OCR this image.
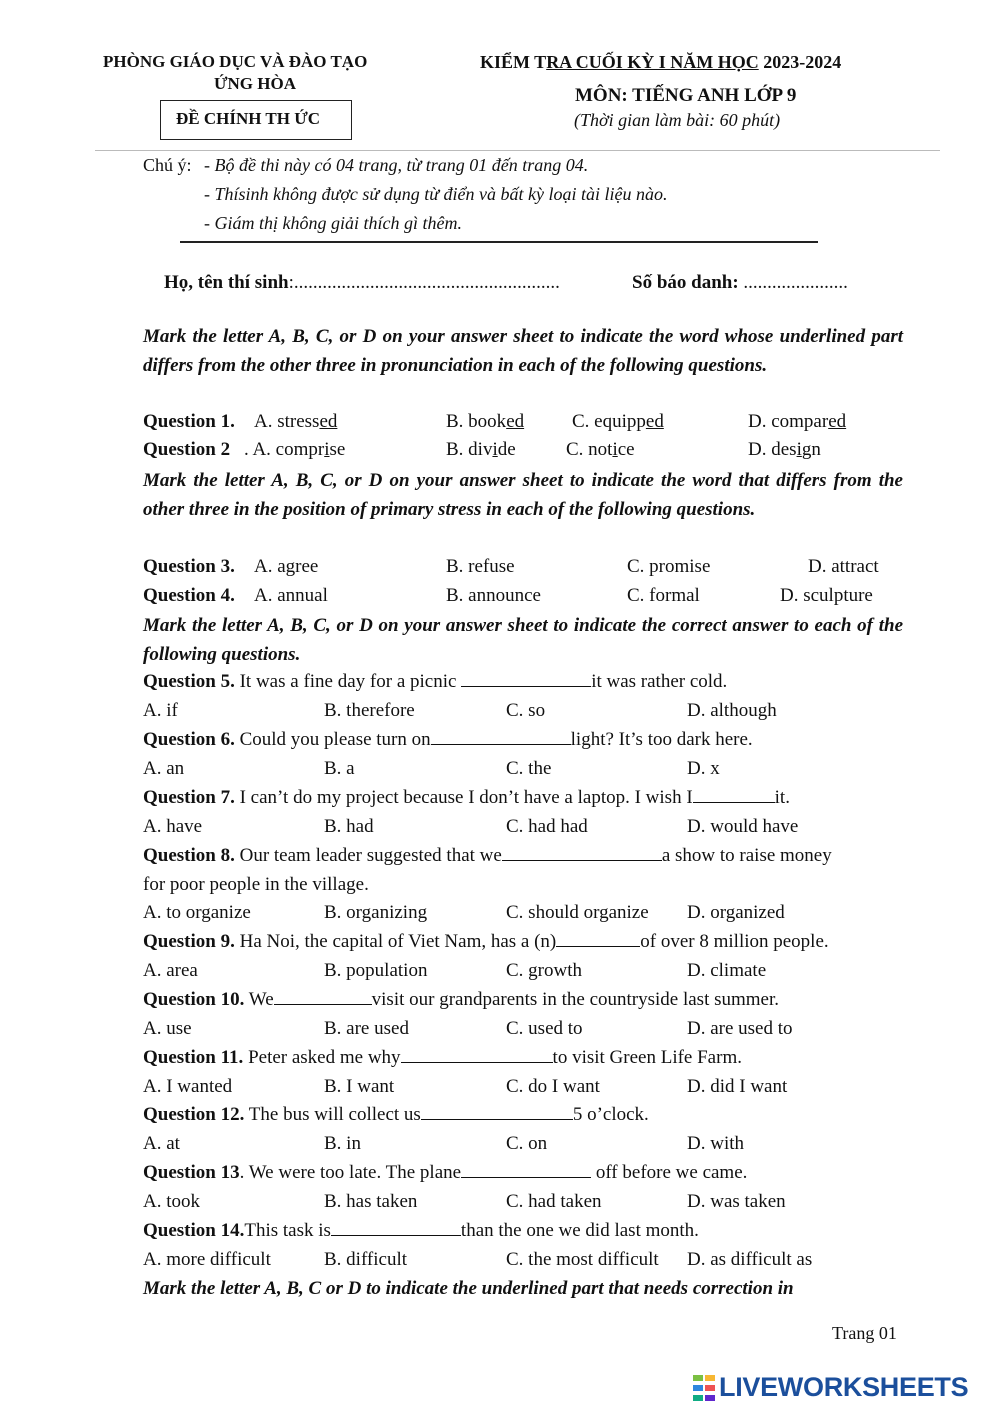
PHÒNG GIÁO DỤC VÀ ĐÀO TẠO
ỨNG HÒA
ĐỀ CHÍNH TH ỨC
KIỂM TRA CUỐI KỲ I NĂM HỌC 2023-2024
MÔN: TIẾNG ANH LỚP 9
(Thời gian làm bài: 60 phút)
Chú ý: - Bộ đề thi này có 04 trang, từ trang 01 đến trang 04.
- Thísinh không được sử dụng từ điển và bất kỳ loại tài liệu nào.
- Giám thị không giải thích gì thêm.
Họ, tên thí sinh:........................................................	Số báo danh: ......................
Mark the letter A, B, C, or D on your answer sheet to indicate the word whose underlined part differs from the other three in pronunciation in each of the following questions.
Question 1. A. stressed	B. booked	C. equipped	D. compared
Question 2 . A. comprise	B. divide	C. notice	D. design
Mark the letter A, B, C, or D on your answer sheet to indicate the word that differs from the other three in the position of primary stress in each of the following questions.
Question 3. A. agree	B. refuse	C. promise	D. attract
Question 4. A. annual	B. announce	C. formal	D. sculpture
Mark the letter A, B, C, or D on your answer sheet to indicate the correct answer to each of the following questions.
Question 5. It was a fine day for a picnic	it was rather cold.
A. if	B. therefore	C. so	D. although
Question 6. Could you please turn on	light? It’s too dark here.
A. an	B. a	C. the	D. x
Question 7. I can’t do my project because I don’t have a laptop. I wish I	it.
A. have	B. had	C. had had	D. would have
Question 8. Our team leader suggested that we	a show to raise money
for poor people in the village.
A. to organize	B. organizing	C. should organize D. organized
Question 9. Ha Noi, the capital of Viet Nam, has a (n)	of over 8 million people.
A. area	B. population	C. growth	D. climate
Question 10. We	visit our grandparents in the countryside last summer.
A. use	B. are used	C. used to	D. are used to
Question 11. Peter asked me why	to visit Green Life Farm.
A. I wanted	B. I want	C. do I want	D. did I want
Question 12. The bus will collect us	5 o’clock.
A. at	B. in	C. on	D. with
Question 13. We were too late. The plane	off before we came.
A. took	B. has taken	C. had taken	D. was taken
Question 14.This task is	than the one we did last month.
A. more difficult	B. difficult	C. the most difficult D. as difficult as
Mark the letter A, B, C or D to indicate the underlined part that needs correction in
Trang 01
LIVEWORKSHEETS
